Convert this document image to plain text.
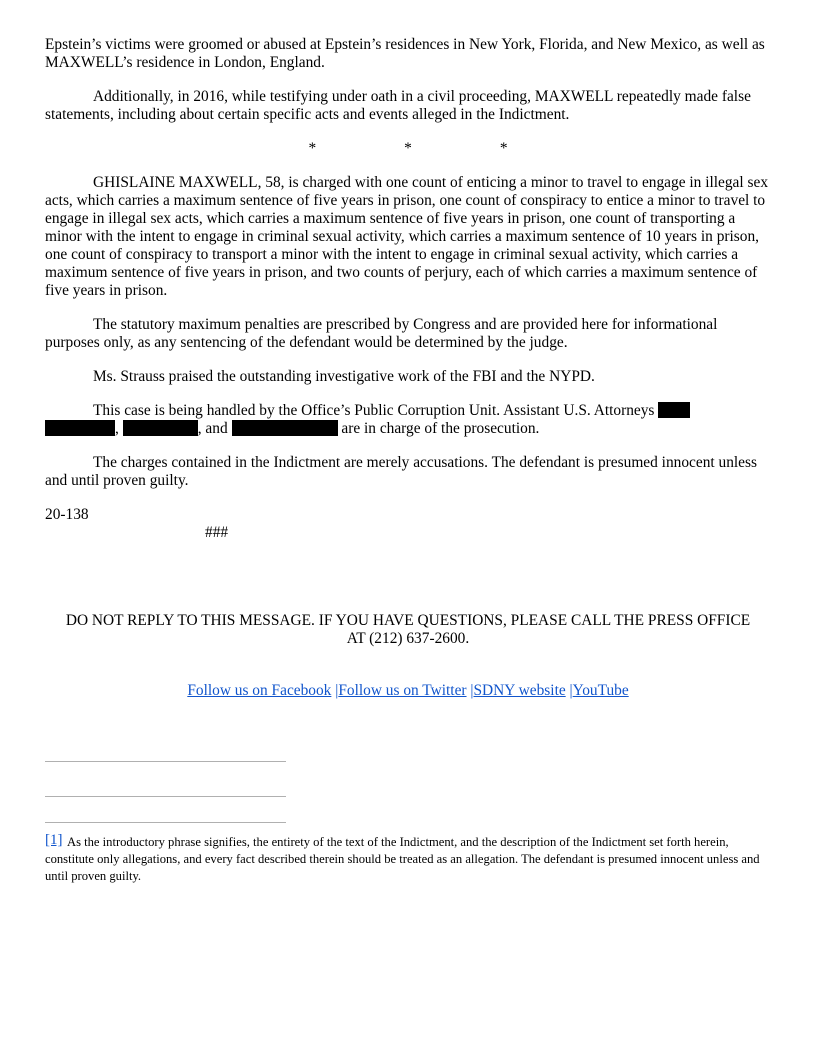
Epstein’s victims were groomed or abused at Epstein’s residences in New York, Florida, and New Mexico, as well as MAXWELL’s residence in London, England.

Additionally, in 2016, while testifying under oath in a civil proceeding, MAXWELL repeatedly made false statements, including about certain specific acts and events alleged in the Indictment.

*	*	*

GHISLAINE MAXWELL, 58, is charged with one count of enticing a minor to travel to engage in illegal sex acts, which carries a maximum sentence of five years in prison, one count of conspiracy to entice a minor to travel to engage in illegal sex acts, which carries a maximum sentence of five years in prison, one count of transporting a minor with the intent to engage in criminal sexual activity, which carries a maximum sentence of 10 years in prison, one count of conspiracy to transport a minor with the intent to engage in criminal sexual activity, which carries a maximum sentence of five years in prison, and two counts of perjury, each of which carries a maximum sentence of five years in prison.

The statutory maximum penalties are prescribed by Congress and are provided here for informational purposes only, as any sentencing of the defendant would be determined by the judge.

Ms. Strauss praised the outstanding investigative work of the FBI and the NYPD.

This case is being handled by the Office’s Public Corruption Unit. Assistant U.S. Attorneys
,	, and	are in charge of the prosecution.

The charges contained in the Indictment are merely accusations. The defendant is presumed innocent unless and until proven guilty.

20-138

###

DO NOT REPLY TO THIS MESSAGE. IF YOU HAVE QUESTIONS, PLEASE CALL THE PRESS OFFICE
AT (212) 637-2600.

Follow us on Facebook |Follow us on Twitter |SDNY website |YouTube

[1] As the introductory phrase signifies, the entirety of the text of the Indictment, and the description of the Indictment set forth herein, constitute only allegations, and every fact described therein should be treated as an allegation. The defendant is presumed innocent unless and until proven guilty.
